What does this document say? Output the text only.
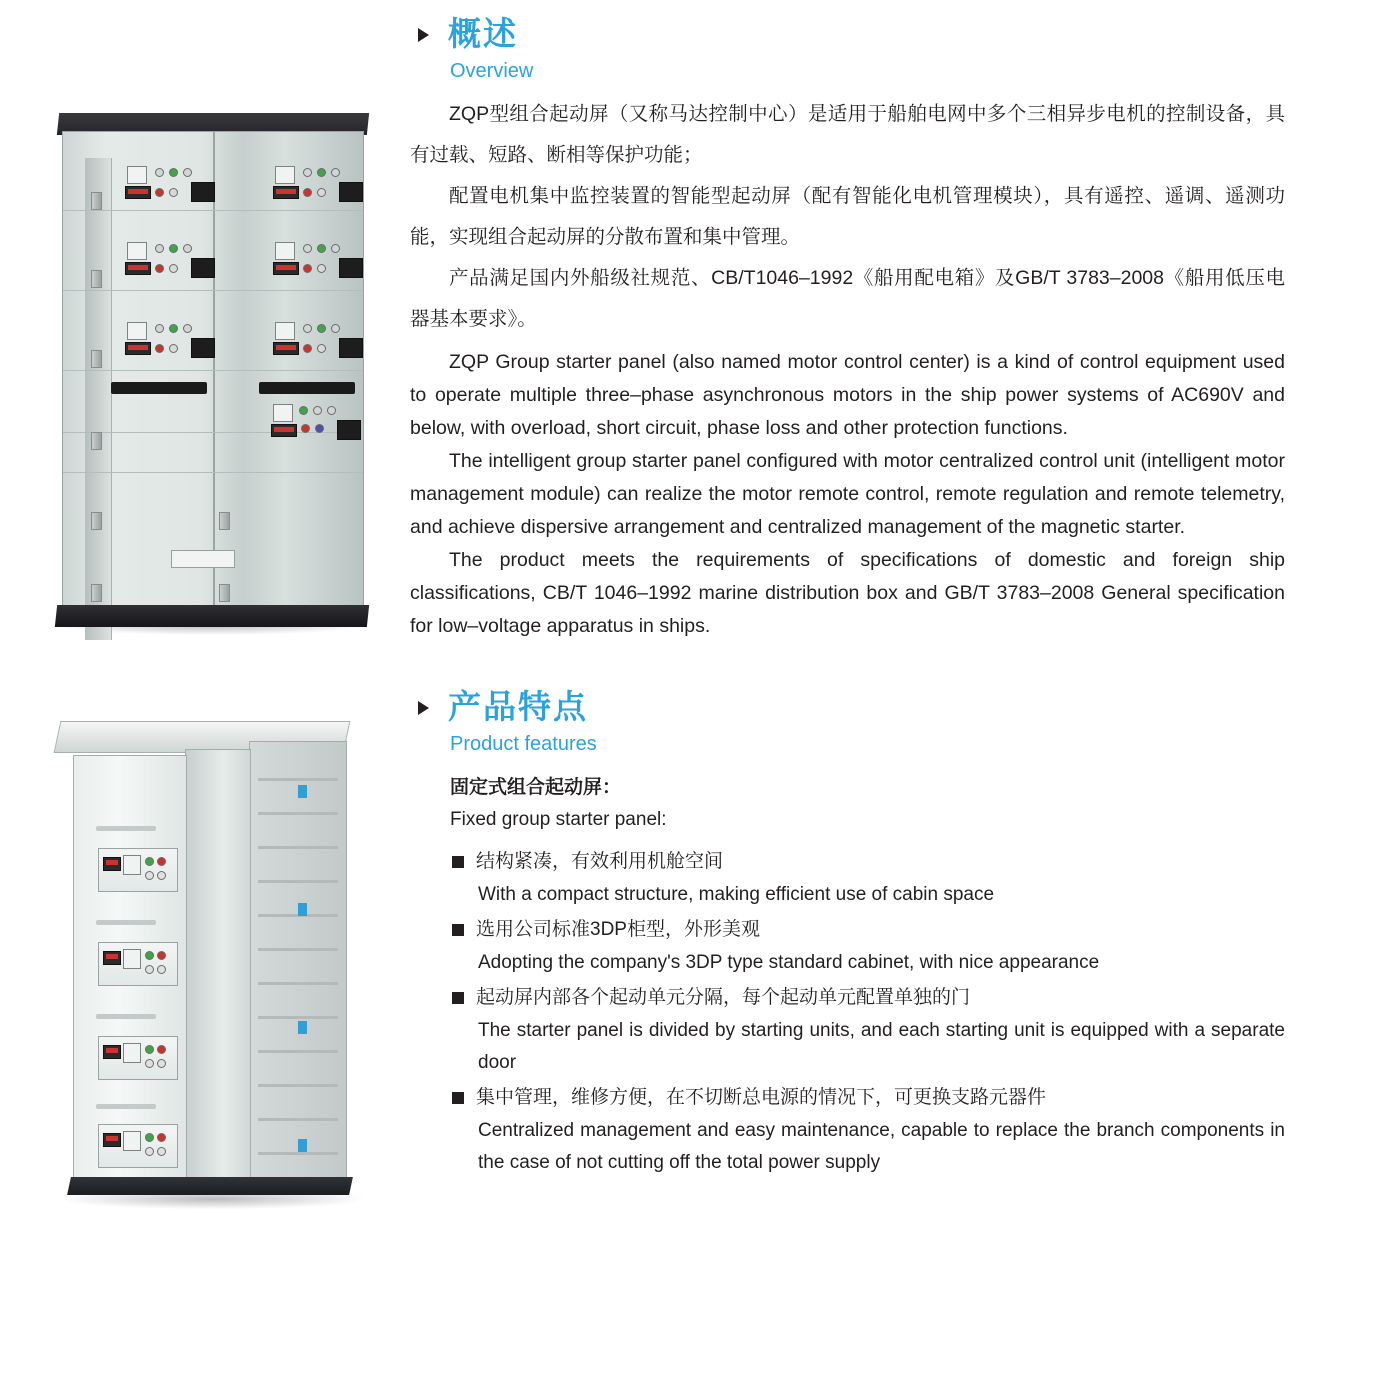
概述
Overview

ZQP型组合起动屏（又称马达控制中心）是适用于船舶电网中多个三相异步电机的控制设备，具有过载、短路、断相等保护功能；

配置电机集中监控装置的智能型起动屏（配有智能化电机管理模块），具有遥控、遥调、遥测功能，实现组合起动屏的分散布置和集中管理。

产品满足国内外船级社规范、CB/T1046–1992《船用配电箱》及GB/T 3783–2008《船用低压电器基本要求》。

ZQP Group starter panel (also named motor control center) is a kind of control equipment used to operate multiple three–phase asynchronous motors in the ship power systems of AC690V and below, with overload, short circuit, phase loss and other protection functions.

The intelligent group starter panel configured with motor centralized control unit (intelligent motor management module) can realize the motor remote control, remote regulation and remote telemetry, and achieve dispersive arrangement and centralized management of the magnetic starter.

The product meets the requirements of specifications of domestic and foreign ship classifications, CB/T 1046–1992 marine distribution box and GB/T 3783–2008 General specification for low–voltage apparatus in ships.

产品特点
Product features
固定式组合起动屏：
Fixed group starter panel:
结构紧凑，有效利用机舱空间
With a compact structure, making efficient use of cabin space
选用公司标准3DP柜型，外形美观
Adopting the company's 3DP type standard cabinet, with nice appearance
起动屏内部各个起动单元分隔，每个起动单元配置单独的门
The starter panel is divided by starting units, and each starting unit is equipped with a separate door
集中管理，维修方便，在不切断总电源的情况下，可更换支路元器件
Centralized management and easy maintenance, capable to replace the branch components in the case of not cutting off the total power supply
